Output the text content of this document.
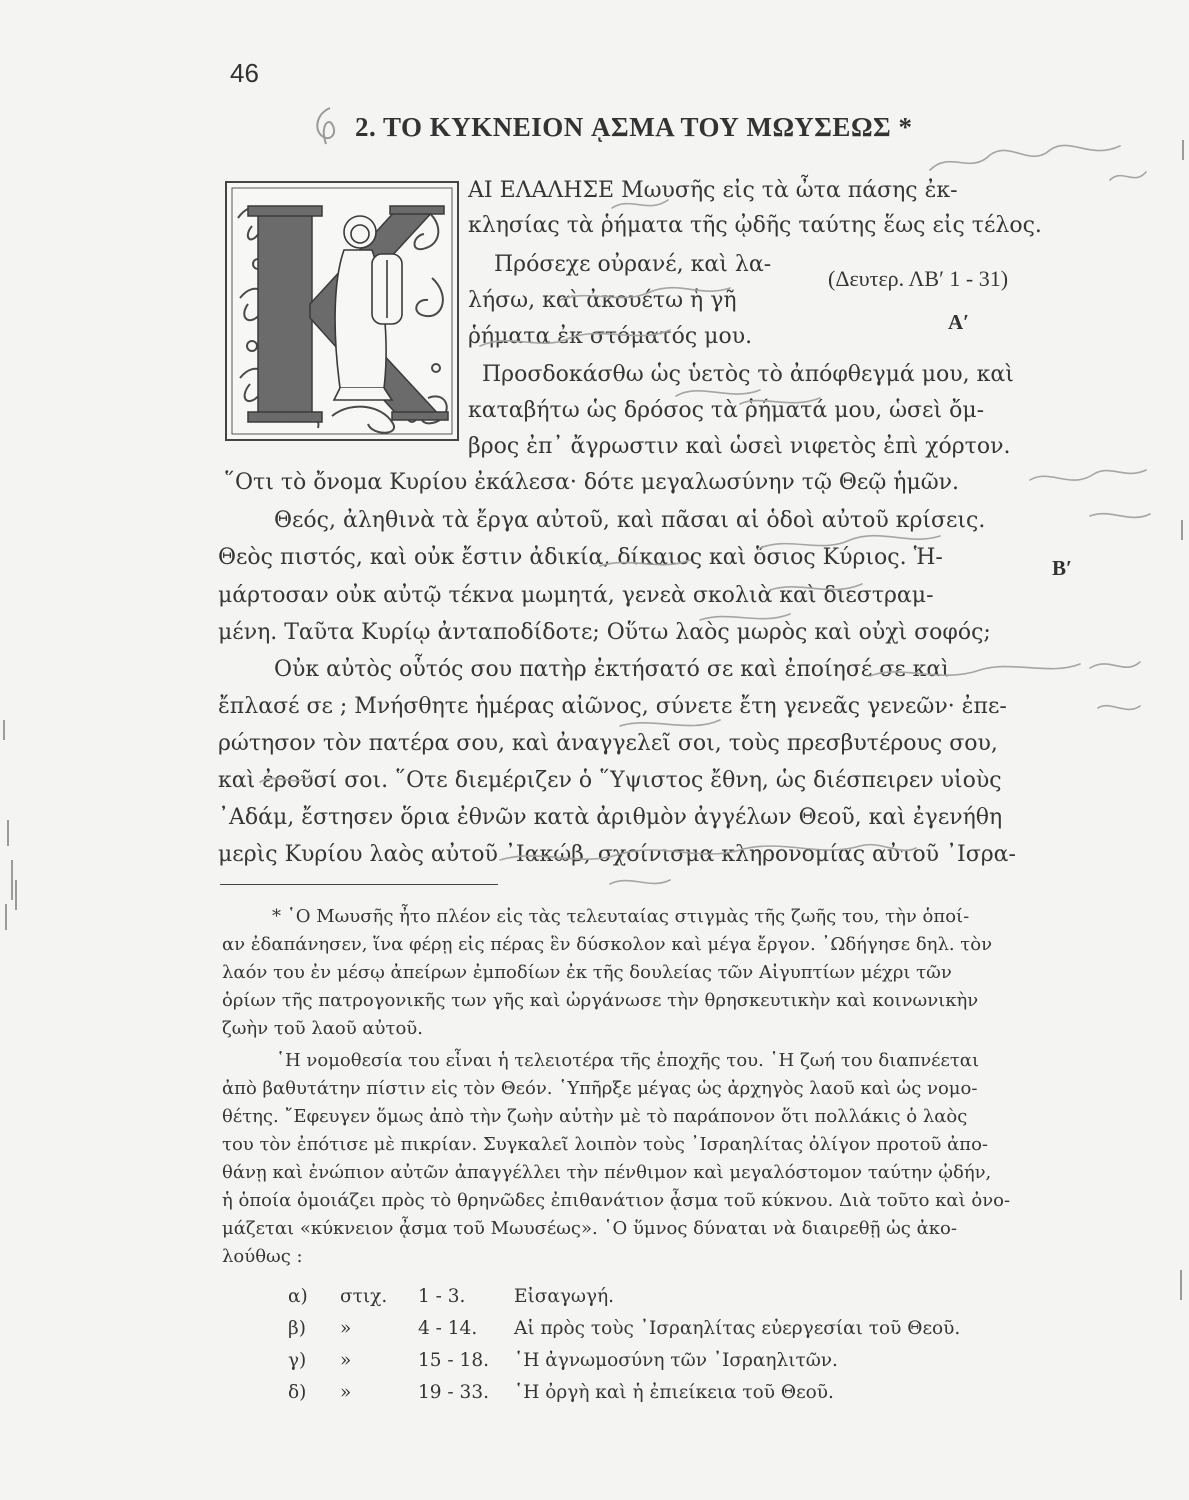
46
2. ΤΟ ΚΥΚΝΕΙΟΝ ᾼΣΜΑ ΤΟΥ ΜΩΥΣΕΩΣ *
ΑΙ ΕΛΑΛΗΣΕ Μωυσῆς εἰς τὰ ὦτα πάσης ἐκ-
κλησίας τὰ ῥήματα τῆς ᾠδῆς ταύτης ἕως εἰς τέλος.
Πρόσεχε οὐρανέ, καὶ λα-
λήσω, καὶ ἀκουέτω ἡ γῆ
ῥήματα ἐκ στόματός μου.
Προσδοκάσθω ὡς ὑετὸς τὸ ἀπόφθεγμά μου, καὶ
καταβήτω ὡς δρόσος τὰ ῥήματά μου, ὡσεὶ ὄμ-
βρος ἐπ᾿ ἄγρωστιν καὶ ὡσεὶ νιφετὸς ἐπὶ χόρτον.
῞Οτι τὸ ὄνομα Κυρίου ἐκάλεσα· δότε μεγαλωσύνην τῷ Θεῷ ἡμῶν.
Θεός, ἀληθινὰ τὰ ἔργα αὐτοῦ, καὶ πᾶσαι αἱ ὁδοὶ αὐτοῦ κρίσεις.
Θεὸς πιστός, καὶ οὐκ ἔστιν ἀδικία, δίκαιος καὶ ὅσιος Κύριος. Ἡ-
μάρτοσαν οὐκ αὐτῷ τέκνα μωμητά, γενεὰ σκολιὰ καὶ διεστραμ-
μένη. Ταῦτα Κυρίῳ ἀνταποδίδοτε; Οὕτω λαὸς μωρὸς καὶ οὐχὶ σοφός;
Οὐκ αὐτὸς οὗτός σου πατὴρ ἐκτήσατό σε καὶ ἐποίησέ σε καὶ
ἔπλασέ σε ; Μνήσθητε ἡμέρας αἰῶνος, σύνετε ἔτη γενεᾶς γενεῶν· ἐπε-
ρώτησον τὸν πατέρα σου, καὶ ἀναγγελεῖ σοι, τοὺς πρεσβυτέρους σου,
καὶ ἐροῦσί σοι. ῞Οτε διεμέριζεν ὁ ῞Υψιστος ἔθνη, ὡς διέσπειρεν υἱοὺς
᾿Αδάμ, ἔστησεν ὅρια ἐθνῶν κατὰ ἀριθμὸν ἀγγέλων Θεοῦ, καὶ ἐγενήθη
μερὶς Κυρίου λαὸς αὐτοῦ ᾿Ιακώβ, σχοίνισμα κληρονομίας αὐτοῦ ᾿Ισρα-
(Δευτερ. ΛΒ′ 1 - 31)
Α′
Β′
* ῾Ο Μωυσῆς ἦτο πλέον εἰς τὰς τελευταίας στιγμὰς τῆς ζωῆς του, τὴν ὁποί-
αν ἐδαπάνησεν, ἵνα φέρῃ εἰς πέρας ἓν δύσκολον καὶ μέγα ἔργον. ᾿Ωδήγησε δηλ. τὸν
λαόν του ἐν μέσῳ ἀπείρων ἐμποδίων ἐκ τῆς δουλείας τῶν Αἰγυπτίων μέχρι τῶν
ὁρίων τῆς πατρογονικῆς των γῆς καὶ ὠργάνωσε τὴν θρησκευτικὴν καὶ κοινωνικὴν
ζωὴν τοῦ λαοῦ αὐτοῦ.
῾Η νομοθεσία του εἶναι ἡ τελειοτέρα τῆς ἐποχῆς του. ῾Η ζωή του διαπνέεται
ἀπὸ βαθυτάτην πίστιν εἰς τὸν Θεόν. ῾Υπῆρξε μέγας ὡς ἀρχηγὸς λαοῦ καὶ ὡς νομο-
θέτης. ῎Εφευγεν ὅμως ἀπὸ τὴν ζωὴν αὐτὴν μὲ τὸ παράπονον ὅτι πολλάκις ὁ λαὸς
του τὸν ἐπότισε μὲ πικρίαν. Συγκαλεῖ λοιπὸν τοὺς ᾿Ισραηλίτας ὀλίγον προτοῦ ἀπο-
θάνῃ καὶ ἐνώπιον αὐτῶν ἀπαγγέλλει τὴν πένθιμον καὶ μεγαλόστομον ταύτην ᾠδήν,
ἡ ὁποία ὁμοιάζει πρὸς τὸ θρηνῶδες ἐπιθανάτιον ᾆσμα τοῦ κύκνου. Διὰ τοῦτο καὶ ὀνο-
μάζεται «κύκνειον ᾆσμα τοῦ Μωυσέως». ῾Ο ὕμνος δύναται νὰ διαιρεθῇ ὡς ἀκο-
λούθως :
α) στιχ. 1 - 3.	Εἰσαγωγή.
β) »	4 - 14. Αἱ πρὸς τοὺς ᾿Ισραηλίτας εὐεργεσίαι τοῦ Θεοῦ.
γ) »	15 - 18. ῾Η ἀγνωμοσύνη τῶν ᾿Ισραηλιτῶν.
δ) »	19 - 33. ῾Η ὀργὴ καὶ ἡ ἐπιείκεια τοῦ Θεοῦ.
